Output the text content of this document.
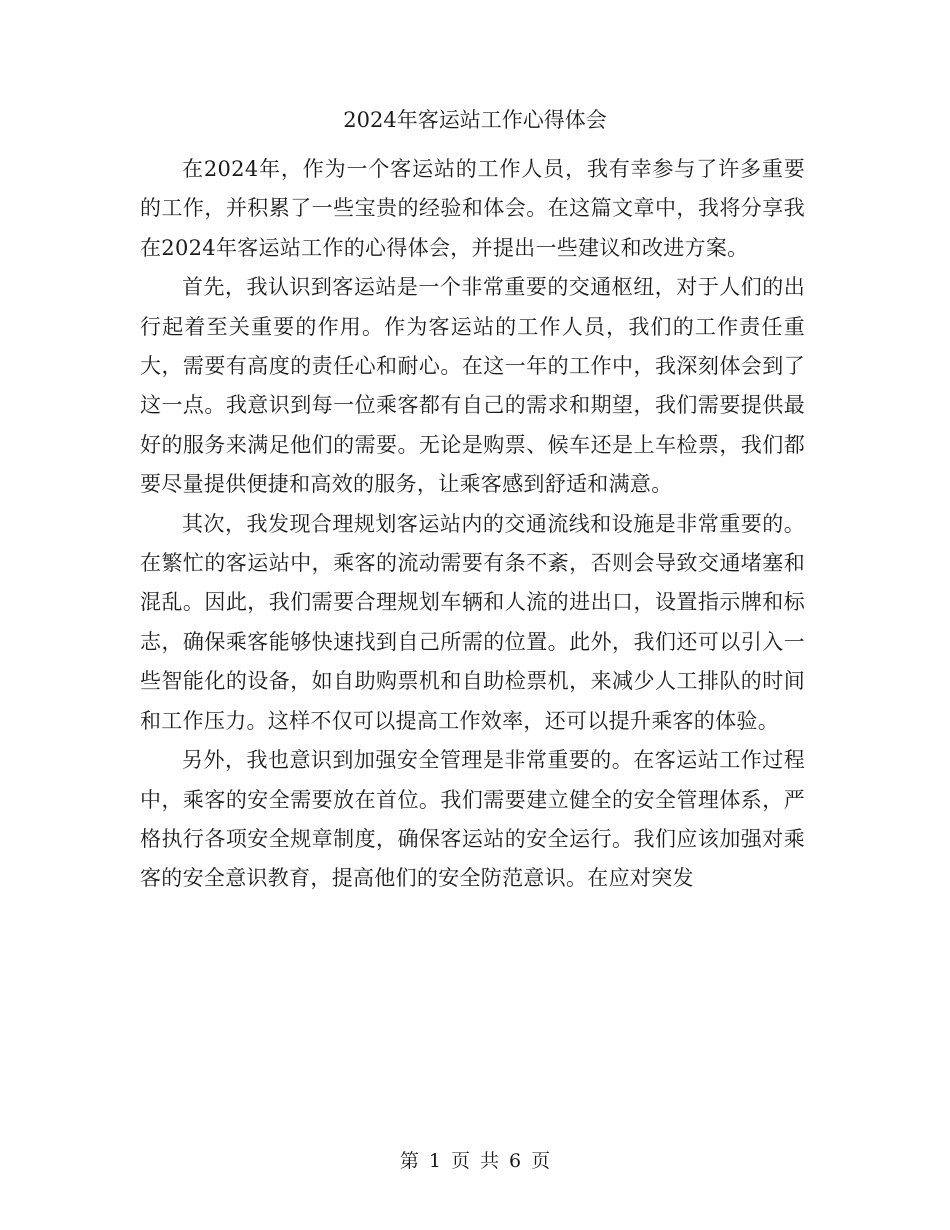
2024年客运站工作心得体会

在2024年，作为一个客运站的工作人员，我有幸参与了许多重要的工作，并积累了一些宝贵的经验和体会。在这篇文章中，我将分享我在2024年客运站工作的心得体会，并提出一些建议和改进方案。

首先，我认识到客运站是一个非常重要的交通枢纽，对于人们的出行起着至关重要的作用。作为客运站的工作人员，我们的工作责任重大，需要有高度的责任心和耐心。在这一年的工作中，我深刻体会到了这一点。我意识到每一位乘客都有自己的需求和期望，我们需要提供最好的服务来满足他们的需要。无论是购票、候车还是上车检票，我们都要尽量提供便捷和高效的服务，让乘客感到舒适和满意。

其次，我发现合理规划客运站内的交通流线和设施是非常重要的。在繁忙的客运站中，乘客的流动需要有条不紊，否则会导致交通堵塞和混乱。因此，我们需要合理规划车辆和人流的进出口，设置指示牌和标志，确保乘客能够快速找到自己所需的位置。此外，我们还可以引入一些智能化的设备，如自助购票机和自助检票机，来减少人工排队的时间和工作压力。这样不仅可以提高工作效率，还可以提升乘客的体验。

另外，我也意识到加强安全管理是非常重要的。在客运站工作过程中，乘客的安全需要放在首位。我们需要建立健全的安全管理体系，严格执行各项安全规章制度，确保客运站的安全运行。我们应该加强对乘客的安全意识教育，提高他们的安全防范意识。在应对突发

第 1 页 共 6 页
